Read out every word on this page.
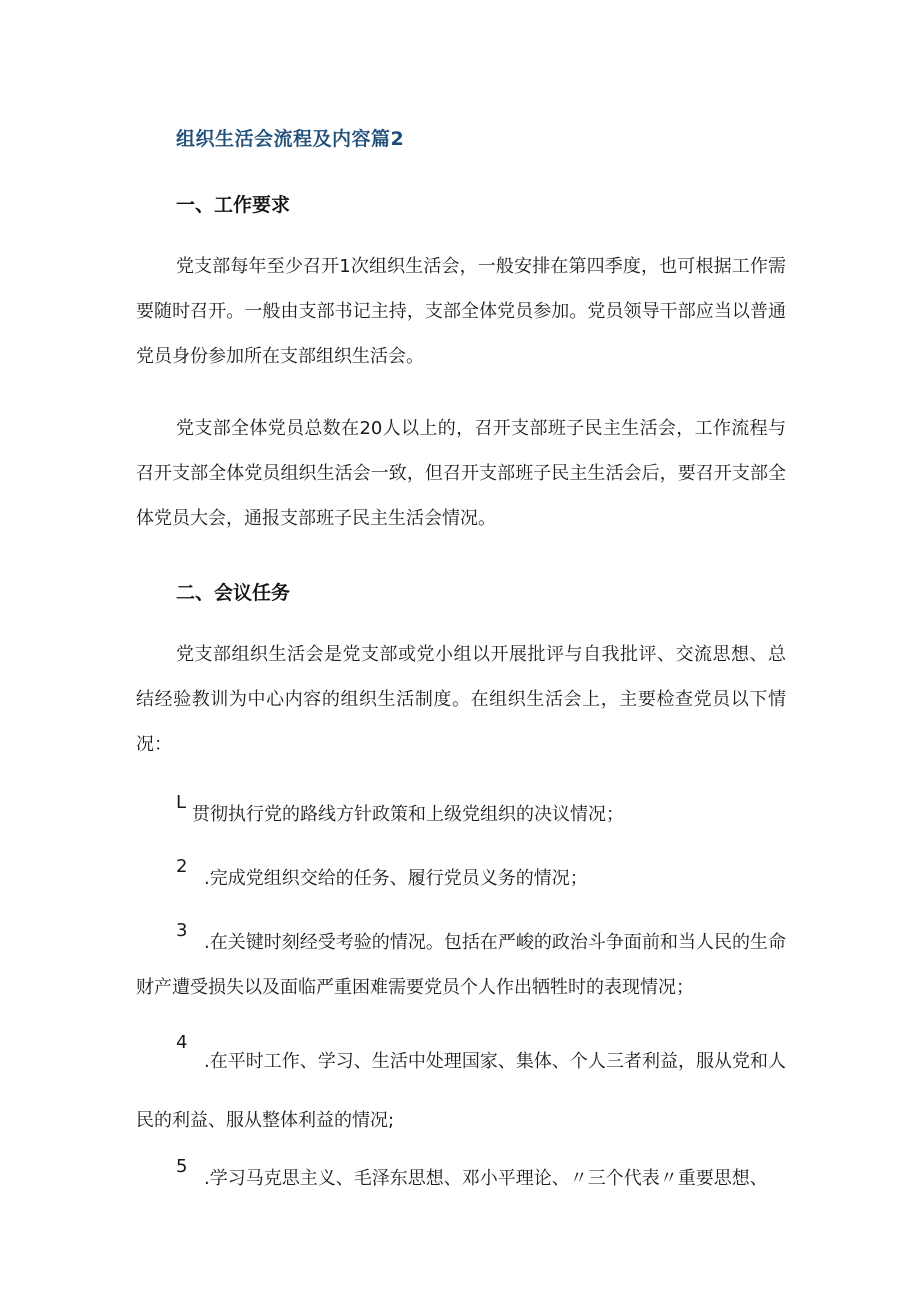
组织生活会流程及内容篇2
一、工作要求
党支部每年至少召开1次组织生活会，一般安排在第四季度，也可根据工作需要随时召开。一般由支部书记主持，支部全体党员参加。党员领导干部应当以普通党员身份参加所在支部组织生活会。
党支部全体党员总数在20人以上的，召开支部班子民主生活会，工作流程与召开支部全体党员组织生活会一致，但召开支部班子民主生活会后，要召开支部全体党员大会，通报支部班子民主生活会情况。
二、会议任务
党支部组织生活会是党支部或党小组以开展批评与自我批评、交流思想、总结经验教训为中心内容的组织生活制度。在组织生活会上，主要检查党员以下情况：
L
贯彻执行党的路线方针政策和上级党组织的决议情况；
2
.完成党组织交给的任务、履行党员义务的情况；
3
.在关键时刻经受考验的情况。包括在严峻的政治斗争面前和当人民的生命财产遭受损失以及面临严重困难需要党员个人作出牺牲时的表现情况；
4
.在平时工作、学习、生活中处理国家、集体、个人三者利益，服从党和人民的利益、服从整体利益的情况;
5
.学习马克思主义、毛泽东思想、邓小平理论、〃三个代表〃重要思想、
